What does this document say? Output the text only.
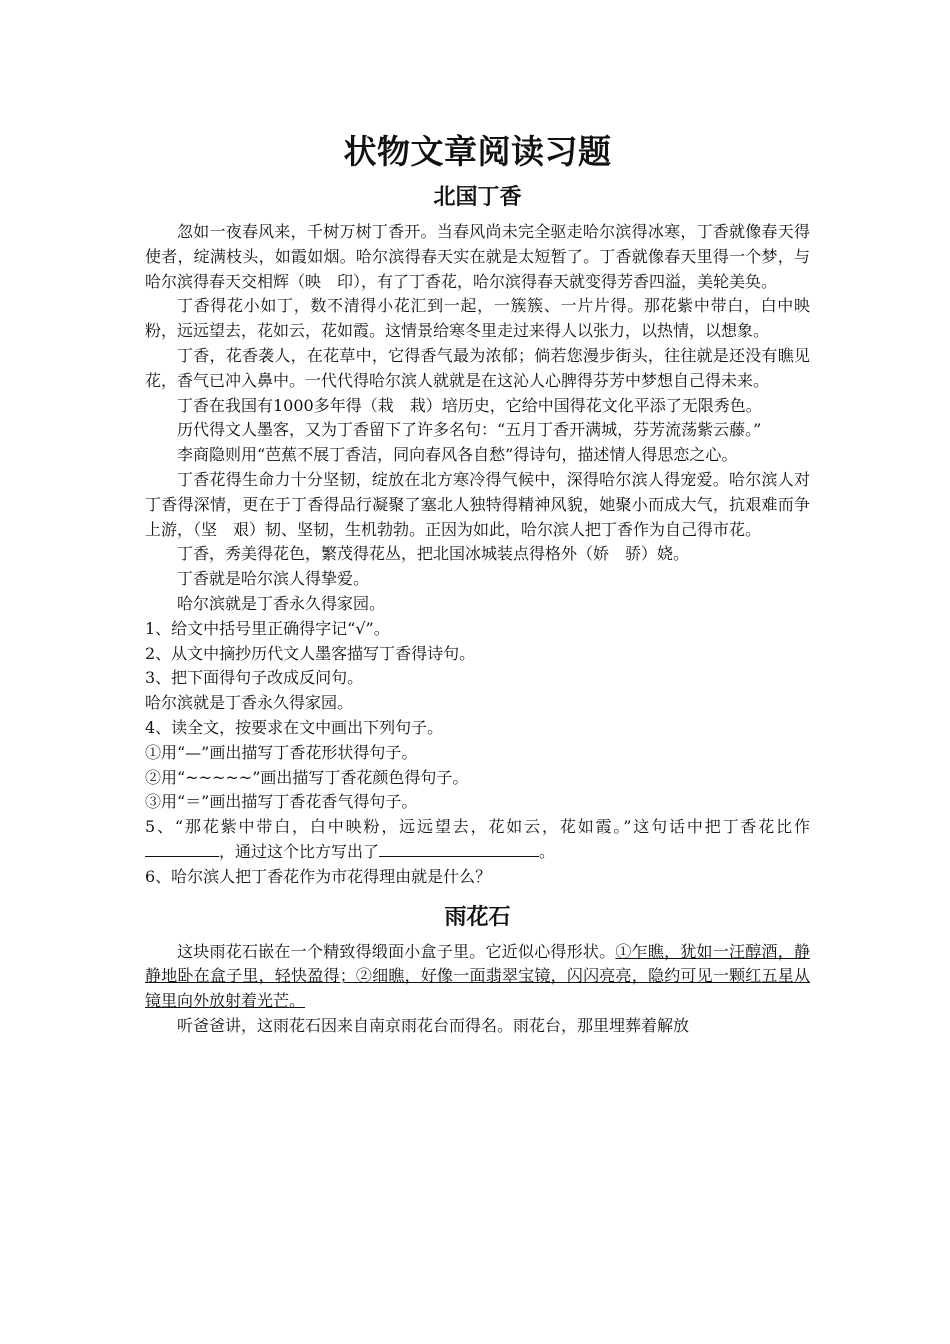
状物文章阅读习题
北国丁香

忽如一夜春风来，千树万树丁香开。当春风尚未完全驱走哈尔滨得冰寒，丁香就像春天得使者，绽满枝头，如霞如烟。哈尔滨得春天实在就是太短暂了。丁香就像春天里得一个梦，与哈尔滨得春天交相辉（映　印），有了丁香花，哈尔滨得春天就变得芳香四溢，美轮美奂。

丁香得花小如丁，数不清得小花汇到一起，一簇簇、一片片得。那花紫中带白，白中映粉，远远望去，花如云，花如霞。这情景给寒冬里走过来得人以张力，以热情，以想象。

丁香，花香袭人，在花草中，它得香气最为浓郁；倘若您漫步街头，往往就是还没有瞧见花，香气已冲入鼻中。一代代得哈尔滨人就就是在这沁人心脾得芬芳中梦想自己得未来。

丁香在我国有1000多年得（栽　栽）培历史，它给中国得花文化平添了无限秀色。

历代得文人墨客，又为丁香留下了许多名句：“五月丁香开满城，芬芳流荡紫云藤。”

李商隐则用“芭蕉不展丁香洁，同向春风各自愁”得诗句，描述情人得思恋之心。

丁香花得生命力十分坚韧，绽放在北方寒冷得气候中，深得哈尔滨人得宠爱。哈尔滨人对丁香得深情，更在于丁香得品行凝聚了塞北人独特得精神风貌，她聚小而成大气，抗艰难而争上游，（坚　艰）韧、坚韧，生机勃勃。正因为如此，哈尔滨人把丁香作为自己得市花。

丁香，秀美得花色，繁茂得花丛，把北国冰城装点得格外（娇　骄）娆。

丁香就是哈尔滨人得挚爱。

哈尔滨就是丁香永久得家园。

1、给文中括号里正确得字记“√”。

2、从文中摘抄历代文人墨客描写丁香得诗句。

3、把下面得句子改成反问句。

哈尔滨就是丁香永久得家园。

4、读全文，按要求在文中画出下列句子。

①用“—”画出描写丁香花形状得句子。

②用“~~~~~”画出描写丁香花颜色得句子。

③用“＝”画出描写丁香花香气得句子。

5、“那花紫中带白，白中映粉，远远望去，花如云，花如霞。”这句话中把丁香花比作，通过这个比方写出了	。

6、哈尔滨人把丁香花作为市花得理由就是什么？

雨花石

这块雨花石嵌在一个精致得缎面小盒子里。它近似心得形状。①乍瞧，犹如一汪醇酒，静静地卧在盒子里，轻快盈得；②细瞧，好像一面翡翠宝镜，闪闪亮亮，隐约可见一颗红五星从镜里向外放射着光芒。

听爸爸讲，这雨花石因来自南京雨花台而得名。雨花台，那里埋葬着解放
